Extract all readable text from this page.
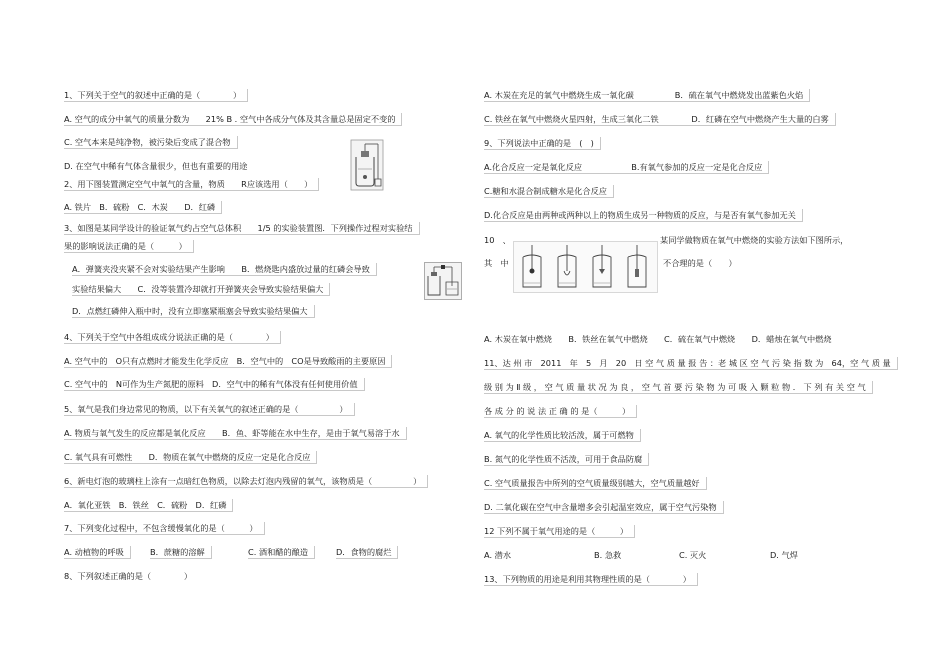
1、下列关于空气的叙述中正确的是（　　　　）
A. 空气的成分中氧气的质量分数为　　21% B . 空气中各成分气体及其含量总是固定不变的
C. 空气本来是纯净物，被污染后变成了混合物
D. 在空气中稀有气体含量很少，但也有重要的用途
2、用下图装置测定空气中氧气的含量，物质　　R应该选用（　　）
A. 铁片　B．硫粉　C．木炭　　D．红磷
3、如图是某同学设计的验证氧气约占空气总体积　　1/5 的实验装置图．下列操作过程对实验结
果的影响说法正确的是（　　　）
A．弹簧夹没夹紧不会对实验结果产生影响　　B．燃烧匙内盛放过量的红磷会导致
实验结果偏大　　C．没等装置冷却就打开弹簧夹会导致实验结果偏大
D．点燃红磷伸入瓶中时，没有立即塞紧瓶塞会导致实验结果偏大
4、下列关于空气中各组成成分说法正确的是（　　　　）
A. 空气中的　O只有点燃时才能发生化学反应　B．空气中的　CO是导致酸雨的主要原因
C. 空气中的　N可作为生产氮肥的原料　D．空气中的稀有气体没有任何使用价值
5、氧气是我们身边常见的物质，以下有关氧气的叙述正确的是（　　　　　）
A. 物质与氧气发生的反应都是氧化反应　　B．鱼、虾等能在水中生存，是由于氧气易溶于水
C. 氧气具有可燃性　　D．物质在氧气中燃烧的反应一定是化合反应
6、新电灯泡的玻璃柱上涂有一点暗红色物质，以除去灯泡内残留的氧气，该物质是（　　　　　）
A．氧化亚铁　B．铁丝　C．硫粉　D．红磷
7、下列变化过程中，不包含缓慢氧化的是（　　　）
A. 动植物的呼吸	B．蔗糖的溶解	C. 酒和醋的酿造	D．食物的腐烂
8、下列叙述正确的是（　　　　）
A. 木炭在充足的氧气中燃烧生成一氧化碳　　　　　B．硫在氧气中燃烧发出蓝紫色火焰
C. 铁丝在氧气中燃烧火星四射，生成三氧化二铁　　　　D．红磷在空气中燃烧产生大量的白雾
9、下列说法中正确的是　(　)
A.化合反应一定是氧化反应　　　　　　B.有氧气参加的反应一定是化合反应
C.糖和水混合制成糖水是化合反应
D.化合反应是由两种或两种以上的物质生成另一种物质的反应，与是否有氧气参加无关
10　、	某同学做物质在氧气中燃烧的实验方法如下图所示，
其　中	不合理的是（　　）
A. 木炭在氧中燃烧　　B．铁丝在氧气中燃烧　　C．硫在氧气中燃烧　　D．蜡烛在氧气中燃烧
11、达 州 市　2011　年　5　月　20　日 空 气 质 量 报 告 ：老 城 区 空 气 污 染 指 数 为　64，空 气 质 量
级 别 为 Ⅱ 级 ， 空 气 质 量 状 况 为 良 ， 空 气 首 要 污 染 物 为 可 吸 入 颗 粒 物 ． 下 列 有 关 空 气
各 成 分 的 说 法 正 确 的 是（　　　）
A. 氧气的化学性质比较活泼，属于可燃物
B. 氮气的化学性质不活泼，可用于食品防腐
C. 空气质量报告中所列的空气质量级别越大，空气质量越好
D. 二氧化碳在空气中含量增多会引起温室效应，属于空气污染物
12 下列不属于氧气用途的是（　　　）
A. 潜水	B. 急救	C. 灭火	D. 气焊
13、下列物质的用途是利用其物理性质的是（　　　　）
